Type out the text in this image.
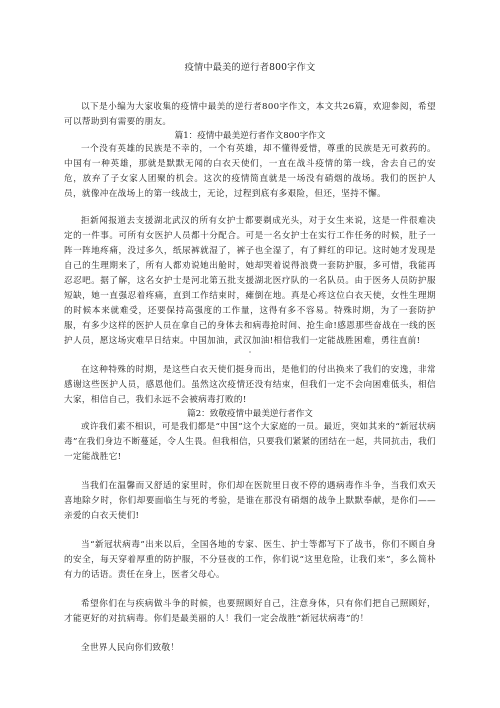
疫情中最美的逆行者800字作文

以下是小编为大家收集的疫情中最美的逆行者800字作文，本文共26篇，欢迎参阅，希望可以帮助到有需要的朋友。

篇1：疫情中最美逆行者作文800字作文

一个没有英雄的民族是不幸的，一个有英雄，却不懂得爱惜，尊重的民族是无可救药的。中国有一种英雄，那就是默默无闻的白衣天使们，一直在战斗疫情的第一线，舍去自己的安危，放弃了子女家人团聚的机会。这次的疫情简直就是一场没有硝烟的战场。我们的医护人员，就像冲在战场上的第一线战士，无论，过程到底有多艰险，但还，坚持不懈。

拒新闻报道去支援湖北武汉的所有女护士都要剃成光头，对于女生来说，这是一件很难决定的一件事。可所有女医护人员都十分配合。可是一名女护士在实行工作任务的时候，肚子一阵一阵地疼痛，没过多久，纸尿裤就湿了，裤子也全湿了，有了鲜红的印记。这时她才发现是自己的生理期来了，所有人都劝说她出舱时，她却哭着说得浪费一套防护服，多可惜，我能再忍忍吧。据了解，这名女护士是河北第五批支援湖北医疗队的一名队员。由于医务人员防护服短缺，她一直强忍着疼痛，直到工作结束时，瘫倒在地。真是心疼这位白衣天使，女性生理期的时候本来就难受，还要保持高强度的工作量，这得有多不容易。特殊时期，为了一套防护服，有多少这样的医护人员在拿自己的身体去和病毒抢时间、抢生命!感恩那些奋战在一线的医护人员，愿这场灾难早日结束。中国加油，武汉加油!相信我们一定能战胜困难，勇往直前!

在这种特殊的时期，是这些白衣天使们挺身而出，是他们的付出换来了我们的安逸，非常感谢这些医护人员，感恩他们。虽然这次疫情还没有结束，但我们一定不会向困难低头，相信大家，相信自己，我们永远不会被病毒打败的!

篇2：致敬疫情中最美逆行者作文

或许我们素不相识，可是我们都是“中国”这个大家庭的一员。最近，突如其来的“新冠状病毒”在我们身边不断蔓延，令人生畏。但我相信，只要我们紧紧的团结在一起，共同抗击，我们一定能战胜它!

当我们在温馨而又舒适的家里时，你们却在医院里日夜不停的遇病毒作斗争，当我们欢天喜地除夕时，你们却要面临生与死的考验，是谁在那没有硝烟的战争上默默奉献，是你们——亲爱的白衣天使们!

当“新冠状病毒”出来以后，全国各地的专家、医生、护士等都写下了战书，你们不顾自身的安全，每天穿着厚重的防护服，不分昼夜的工作，你们说“这里危险，让我们来”，多么简朴有力的话语。责任在身上，医者父母心。

希望你们在与疾病做斗争的时候，也要照顾好自己，注意身体，只有你们把自己照顾好，才能更好的对抗病毒。你们是最美丽的人！我们一定会战胜“新冠状病毒”的！

全世界人民向你们致敬！
